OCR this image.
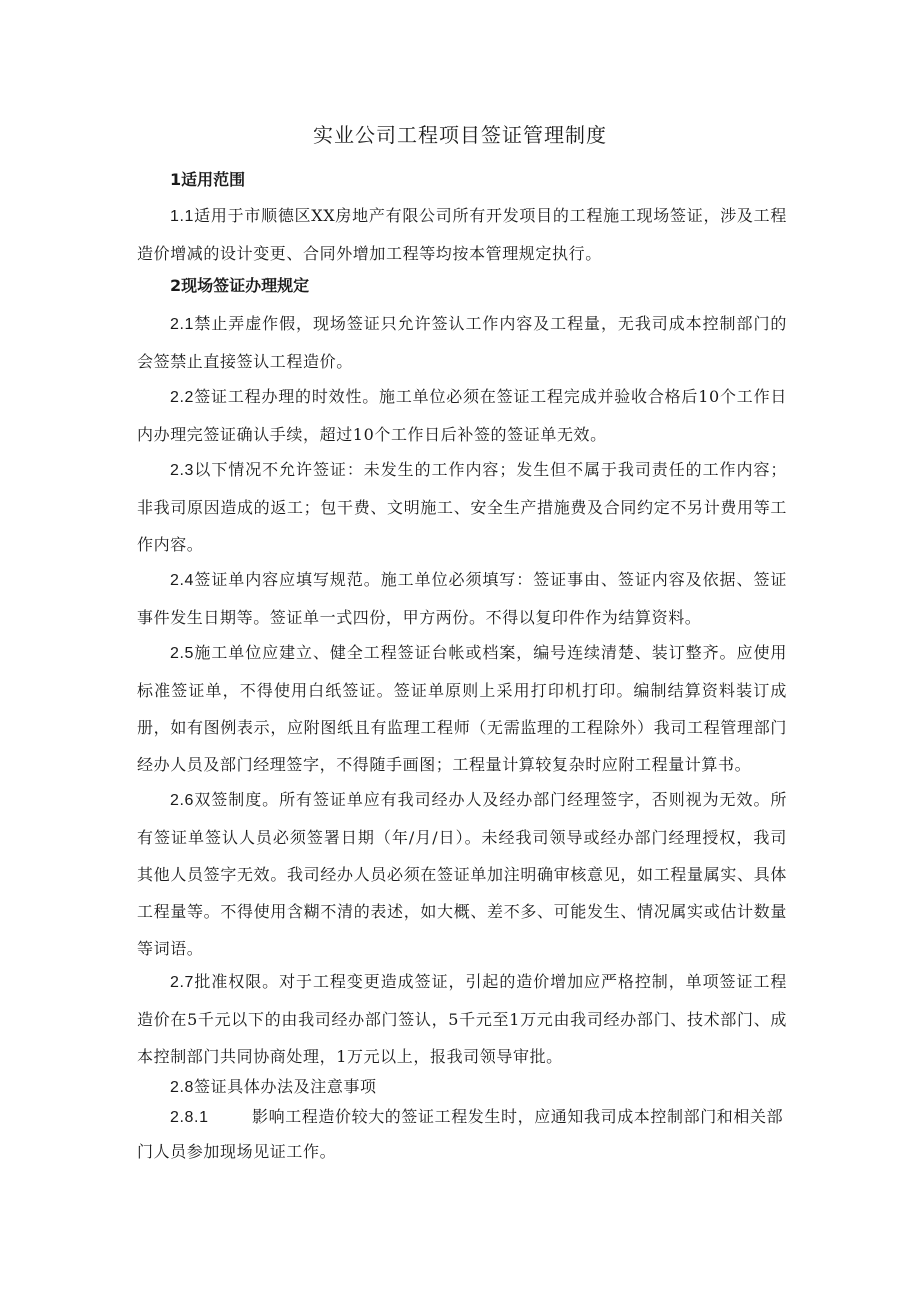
实业公司工程项目签证管理制度
1适用范围
1.1适用于市顺德区XX房地产有限公司所有开发项目的工程施工现场签证，涉及工程造价增减的设计变更、合同外增加工程等均按本管理规定执行。
2现场签证办理规定
2.1禁止弄虚作假，现场签证只允许签认工作内容及工程量，无我司成本控制部门的会签禁止直接签认工程造价。
2.2签证工程办理的时效性。施工单位必须在签证工程完成并验收合格后10个工作日内办理完签证确认手续，超过10个工作日后补签的签证单无效。
2.3以下情况不允许签证：未发生的工作内容；发生但不属于我司责任的工作内容；非我司原因造成的返工；包干费、文明施工、安全生产措施费及合同约定不另计费用等工作内容。
2.4签证单内容应填写规范。施工单位必须填写：签证事由、签证内容及依据、签证事件发生日期等。签证单一式四份，甲方两份。不得以复印件作为结算资料。
2.5施工单位应建立、健全工程签证台帐或档案，编号连续清楚、装订整齐。应使用标准签证单，不得使用白纸签证。签证单原则上采用打印机打印。编制结算资料装订成册，如有图例表示，应附图纸且有监理工程师（无需监理的工程除外）我司工程管理部门经办人员及部门经理签字，不得随手画图；工程量计算较复杂时应附工程量计算书。
2.6双签制度。所有签证单应有我司经办人及经办部门经理签字，否则视为无效。所有签证单签认人员必须签署日期（年/月/日）。未经我司领导或经办部门经理授权，我司其他人员签字无效。我司经办人员必须在签证单加注明确审核意见，如工程量属实、具体工程量等。不得使用含糊不清的表述，如大概、差不多、可能发生、情况属实或估计数量等词语。
2.7批准权限。对于工程变更造成签证，引起的造价增加应严格控制，单项签证工程造价在5千元以下的由我司经办部门签认，5千元至1万元由我司经办部门、技术部门、成本控制部门共同协商处理，1万元以上，报我司领导审批。
2.8签证具体办法及注意事项
2.8.1	影响工程造价较大的签证工程发生时，应通知我司成本控制部门和相关部门人员参加现场见证工作。
